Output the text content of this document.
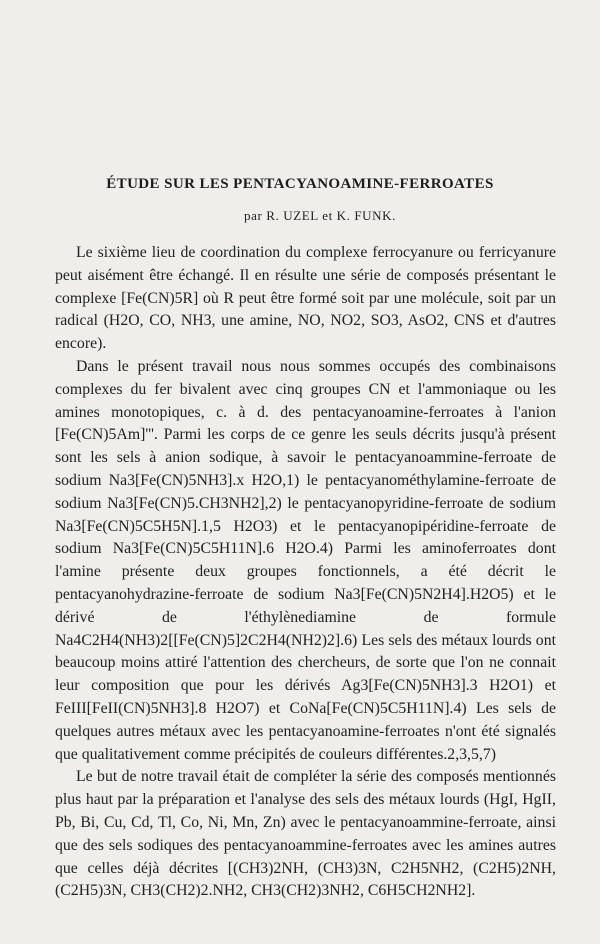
ÉTUDE SUR LES PENTACYANOAMINE-FERROATES
par R. UZEL et K. FUNK.

Le sixième lieu de coordination du complexe ferrocyanure ou ferricyanure peut aisément être échangé. Il en résulte une série de composés présentant le complexe [Fe(CN)5R] où R peut être formé soit par une molécule, soit par un radical (H2O, CO, NH3, une amine, NO, NO2, SO3, AsO2, CNS et d'autres encore).

Dans le présent travail nous nous sommes occupés des combinaisons complexes du fer bivalent avec cinq groupes CN et l'ammoniaque ou les amines monotopiques, c. à d. des pentacyanoamine-ferroates à l'anion [Fe(CN)5Am]'''. Parmi les corps de ce genre les seuls décrits jusqu'à présent sont les sels à anion sodique, à savoir le pentacyanoammine-ferroate de sodium Na3[Fe(CN)5NH3].x H2O,1) le pentacyanométhylamine-ferroate de sodium Na3[Fe(CN)5.CH3NH2],2) le pentacyanopyridine-ferroate de sodium Na3[Fe(CN)5C5H5N].1,5 H2O3) et le pentacyanopipéridine-ferroate de sodium Na3[Fe(CN)5C5H11N].6 H2O.4) Parmi les aminoferroates dont l'amine présente deux groupes fonctionnels, a été décrit le pentacyanohydrazine-ferroate de sodium Na3[Fe(CN)5N2H4].H2O5) et le dérivé de l'éthylènediamine de formule Na4C2H4(NH3)2[[Fe(CN)5]2C2H4(NH2)2].6) Les sels des métaux lourds ont beaucoup moins attiré l'attention des chercheurs, de sorte que l'on ne connait leur composition que pour les dérivés Ag3[Fe(CN)5NH3].3 H2O1) et FeIII[FeII(CN)5NH3].8 H2O7) et CoNa[Fe(CN)5C5H11N].4) Les sels de quelques autres métaux avec les pentacyanoamine-ferroates n'ont été signalés que qualitativement comme précipités de couleurs différentes.2,3,5,7)

Le but de notre travail était de compléter la série des composés mentionnés plus haut par la préparation et l'analyse des sels des métaux lourds (HgI, HgII, Pb, Bi, Cu, Cd, Tl, Co, Ni, Mn, Zn) avec le pentacyanoammine-ferroate, ainsi que des sels sodiques des pentacyanoammine-ferroates avec les amines autres que celles déjà décrites [(CH3)2NH, (CH3)3N, C2H5NH2, (C2H5)2NH, (C2H5)3N, CH3(CH2)2.NH2, CH3(CH2)3NH2, C6H5CH2NH2].
